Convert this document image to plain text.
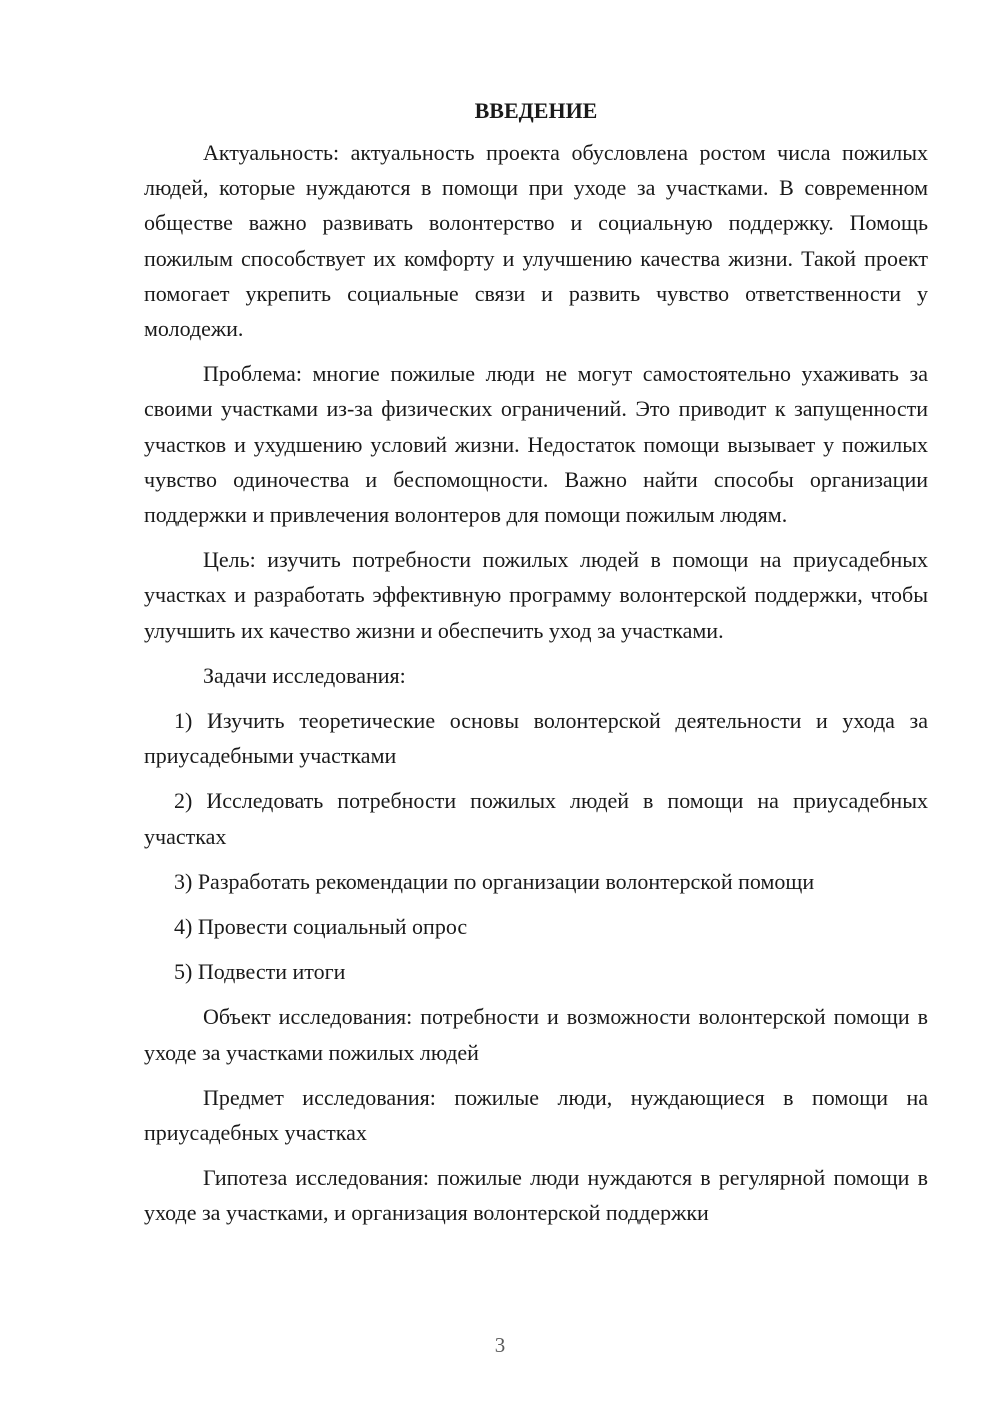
ВВЕДЕНИЕ

Актуальность: актуальность проекта обусловлена ростом числа пожилых людей, которые нуждаются в помощи при уходе за участками. В современном обществе важно развивать волонтерство и социальную поддержку. Помощь пожилым способствует их комфорту и улучшению качества жизни. Такой проект помогает укрепить социальные связи и развить чувство ответственности у молодежи.

Проблема: многие пожилые люди не могут самостоятельно ухаживать за своими участками из-за физических ограничений. Это приводит к запущенности участков и ухудшению условий жизни. Недостаток помощи вызывает у пожилых чувство одиночества и беспомощности. Важно найти способы организации поддержки и привлечения волонтеров для помощи пожилым людям.

Цель: изучить потребности пожилых людей в помощи на приусадебных участках и разработать эффективную программу волонтерской поддержки, чтобы улучшить их качество жизни и обеспечить уход за участками.

Задачи исследования:

1) Изучить теоретические основы волонтерской деятельности и ухода за приусадебными участками

2) Исследовать потребности пожилых людей в помощи на приусадебных участках

3) Разработать рекомендации по организации волонтерской помощи

4) Провести социальный опрос

5) Подвести итоги

Объект исследования: потребности и возможности волонтерской помощи в уходе за участками пожилых людей

Предмет исследования: пожилые люди, нуждающиеся в помощи на приусадебных участках

Гипотеза исследования: пожилые люди нуждаются в регулярной помощи в уходе за участками, и организация волонтерской поддержки

3
